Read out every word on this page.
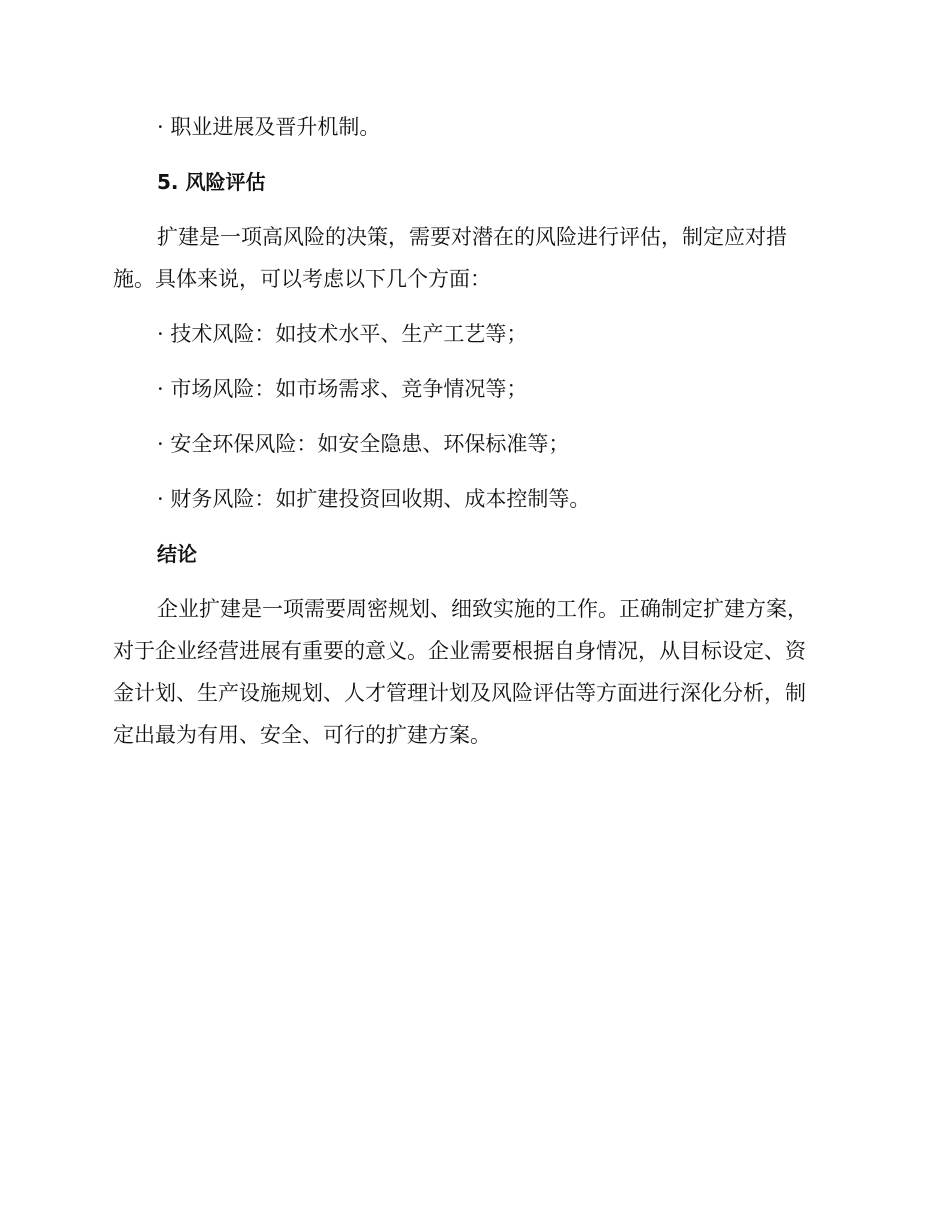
· 职业进展及晋升机制。
5. 风险评估
扩建是一项高风险的决策，需要对潜在的风险进行评估，制定应对措
施。具体来说，可以考虑以下几个方面：
· 技术风险：如技术水平、生产工艺等；
· 市场风险：如市场需求、竞争情况等；
· 安全环保风险：如安全隐患、环保标准等；
· 财务风险：如扩建投资回收期、成本控制等。
结论
企业扩建是一项需要周密规划、细致实施的工作。正确制定扩建方案，
对于企业经营进展有重要的意义。企业需要根据自身情况，从目标设定、资
金计划、生产设施规划、人才管理计划及风险评估等方面进行深化分析，制
定出最为有用、安全、可行的扩建方案。
